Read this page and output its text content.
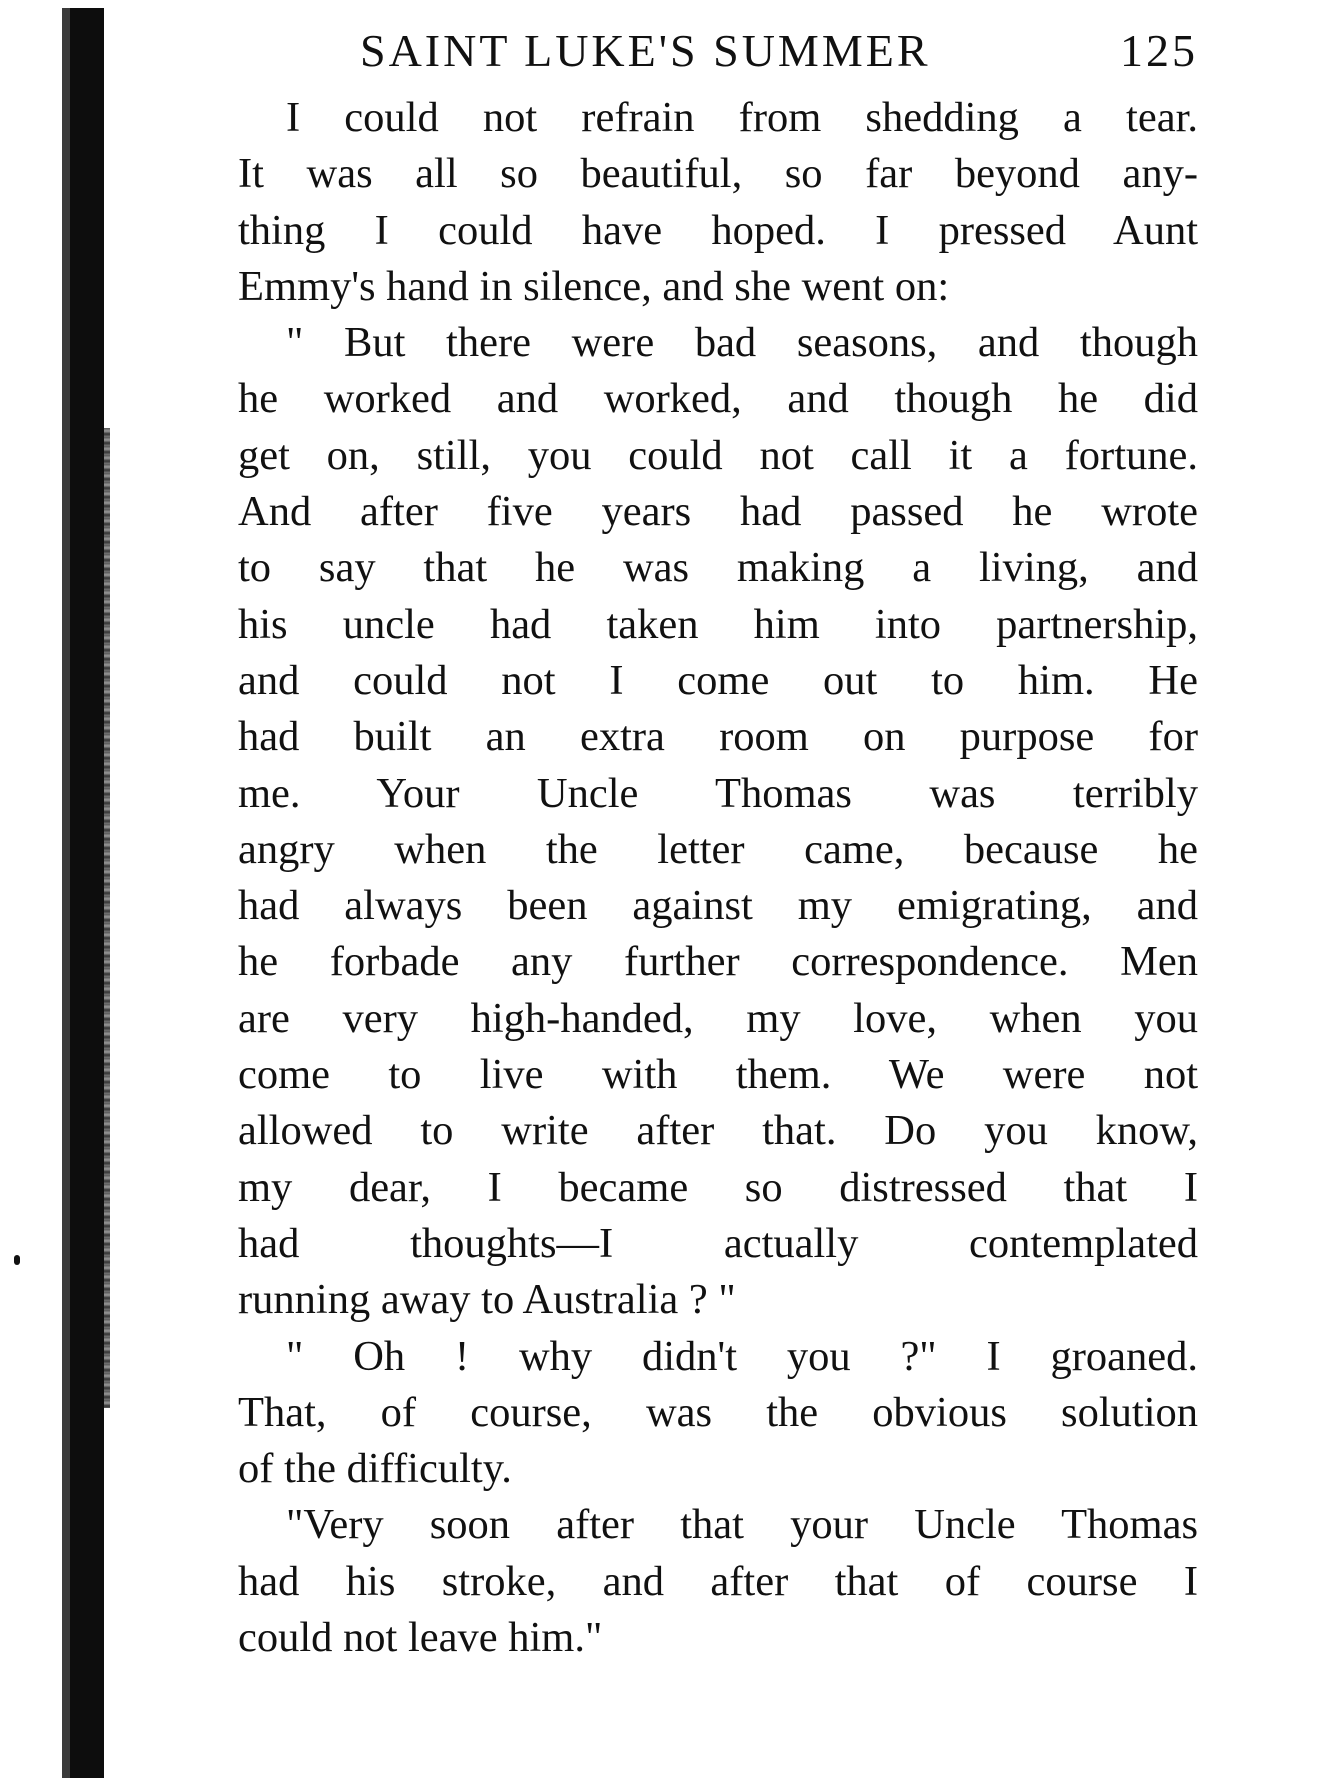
SAINT LUKE'S SUMMER	125
I could not refrain from shedding a tear.
It was all so beautiful, so far beyond any-
thing I could have hoped. I pressed Aunt
Emmy's hand in silence, and she went on:
" But there were bad seasons, and though
he worked and worked, and though he did
get on, still, you could not call it a fortune.
And after five years had passed he wrote
to say that he was making a living, and
his uncle had taken him into partnership,
and could not I come out to him. He
had built an extra room on purpose for
me. Your Uncle Thomas was terribly
angry when the letter came, because he
had always been against my emigrating, and
he forbade any further correspondence. Men
are very high-handed, my love, when you
come to live with them. We were not
allowed to write after that. Do you know,
my dear, I became so distressed that I
had thoughts—I actually contemplated
running away to Australia ? "
" Oh ! why didn't you ?" I groaned.
That, of course, was the obvious solution
of the difficulty.
"Very soon after that your Uncle Thomas
had his stroke, and after that of course I
could not leave him."
